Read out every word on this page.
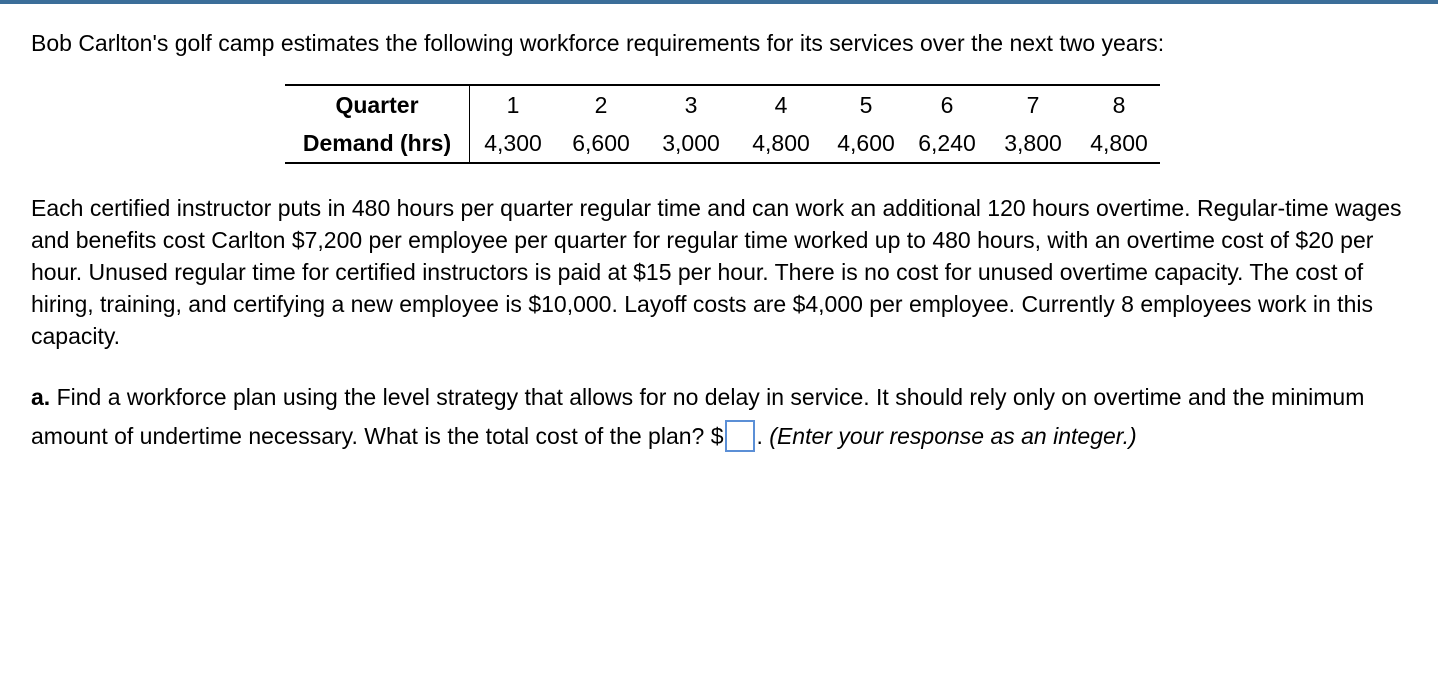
Bob Carlton's golf camp estimates the following workforce requirements for its services over the next two years:
Quarter	1	2	3	4	5	6	7	8
Demand (hrs)	4,300	6,600	3,000	4,800	4,600	6,240	3,800	4,800
Each certified instructor puts in 480 hours per quarter regular time and can work an additional 120 hours overtime. Regular-time wages and benefits cost Carlton $7,200 per employee per quarter for regular time worked up to 480 hours, with an overtime cost of $20 per hour. Unused regular time for certified instructors is paid at $15 per hour. There is no cost for unused overtime capacity. The cost of hiring, training, and certifying a new employee is $10,000. Layoff costs are $4,000 per employee. Currently 8 employees work in this capacity.
a. Find a workforce plan using the level strategy that allows for no delay in service. It should rely only on overtime and the minimum amount of undertime necessary. What is the total cost of the plan? $ . (Enter your response as an integer.)
